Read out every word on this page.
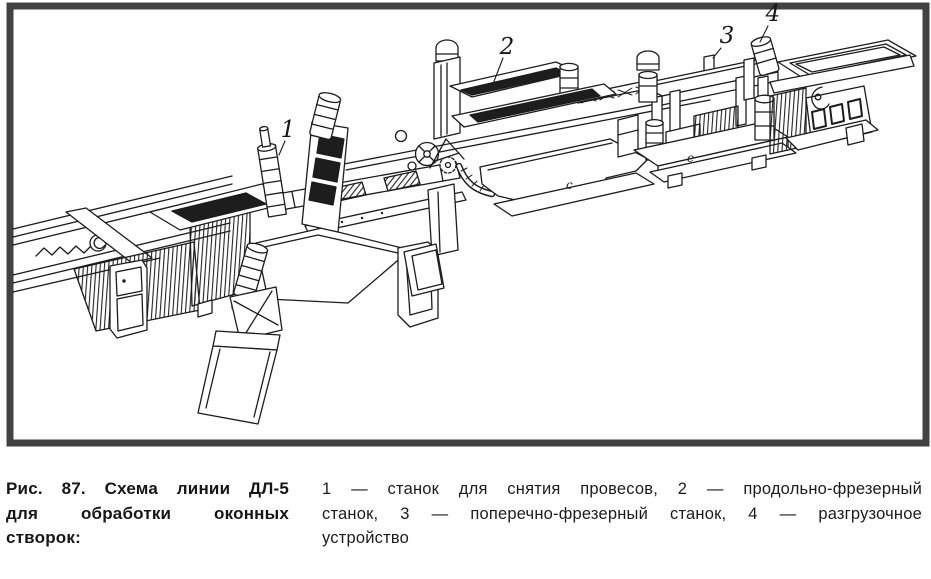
1
2	3
4
с
с
Рис. 87. Схема линии ДЛ-5
для обработки оконных
створок:
1 — станок для снятия провесов, 2 — продольно-фрезерный
станок, 3 — поперечно-фрезерный станок, 4 — разгрузочное
устройство
